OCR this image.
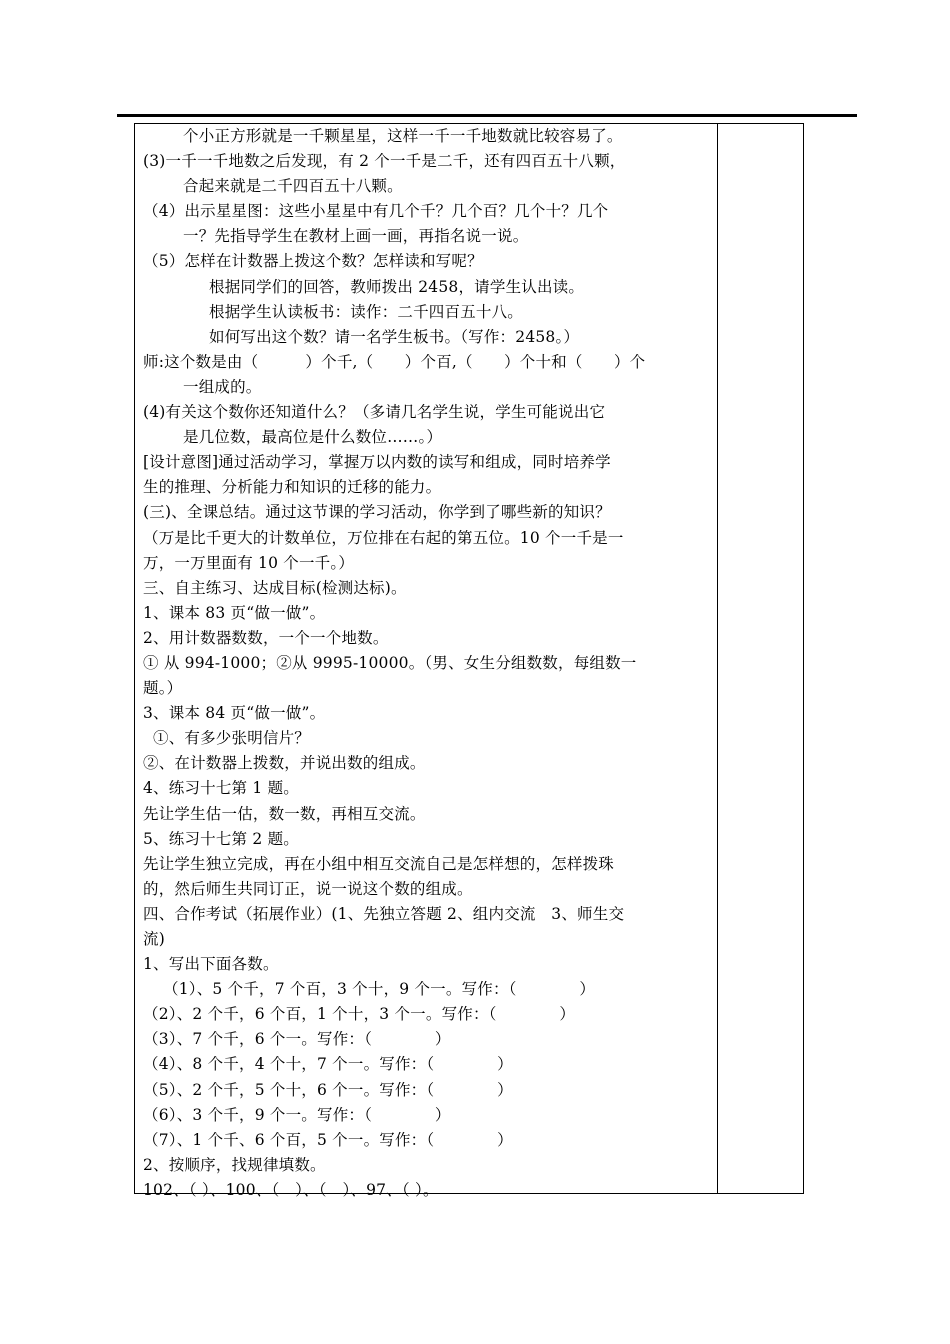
个小正方形就是一千颗星星，这样一千一千地数就比较容易了。
(3)一千一千地数之后发现，有 2 个一千是二千，还有四百五十八颗，
合起来就是二千四百五十八颗。
（4）出示星星图：这些小星星中有几个千？几个百？几个十？几个
一？先指导学生在教材上画一画，再指名说一说。
（5）怎样在计数器上拨这个数？怎样读和写呢？
根据同学们的回答，教师拨出 2458，请学生认出读。
根据学生认读板书：读作：二千四百五十八。
如何写出这个数？请一名学生板书。（写作：2458。）
师:这个数是由（　　　）个千,（　　）个百,（　　）个十和（　　）个
一组成的。
(4)有关这个数你还知道什么？（多请几名学生说，学生可能说出它
是几位数，最高位是什么数位……。）
[设计意图]通过活动学习，掌握万以内数的读写和组成，同时培养学
生的推理、分析能力和知识的迁移的能力。
(三)、全课总结。通过这节课的学习活动，你学到了哪些新的知识？
（万是比千更大的计数单位，万位排在右起的第五位。10 个一千是一
万，一万里面有 10 个一千。）
三、自主练习、达成目标(检测达标)。
1、课本 83 页“做一做”。
2、用计数器数数，一个一个地数。
① 从 994-1000；②从 9995-10000。（男、女生分组数数，每组数一
题。）
3、课本 84 页“做一做”。
①、有多少张明信片？
②、在计数器上拨数，并说出数的组成。
4、练习十七第 1 题。
先让学生估一估，数一数，再相互交流。
5、练习十七第 2 题。
先让学生独立完成，再在小组中相互交流自己是怎样想的，怎样拨珠
的，然后师生共同订正，说一说这个数的组成。
四、合作考试（拓展作业）(1、先独立答题 2、组内交流　3、师生交
流)
1、写出下面各数。
（1）、5 个千，7 个百，3 个十，9 个一。写作：（　　　　）
（2）、2 个千，6 个百，1 个十，3 个一。写作：（　　　　）
（3）、7 个千，6 个一。写作：（　　　　）
（4）、8 个千，4 个十，7 个一。写作：（　　　　）
（5）、2 个千，5 个十，6 个一。写作：（　　　　）
（6）、3 个千，9 个一。写作：（　　　　）
（7）、1 个千、6 个百，5 个一。写作：（　　　　）
2、按顺序，找规律填数。
102、（ ）、100、（　）、（　）、97、（ ）。
